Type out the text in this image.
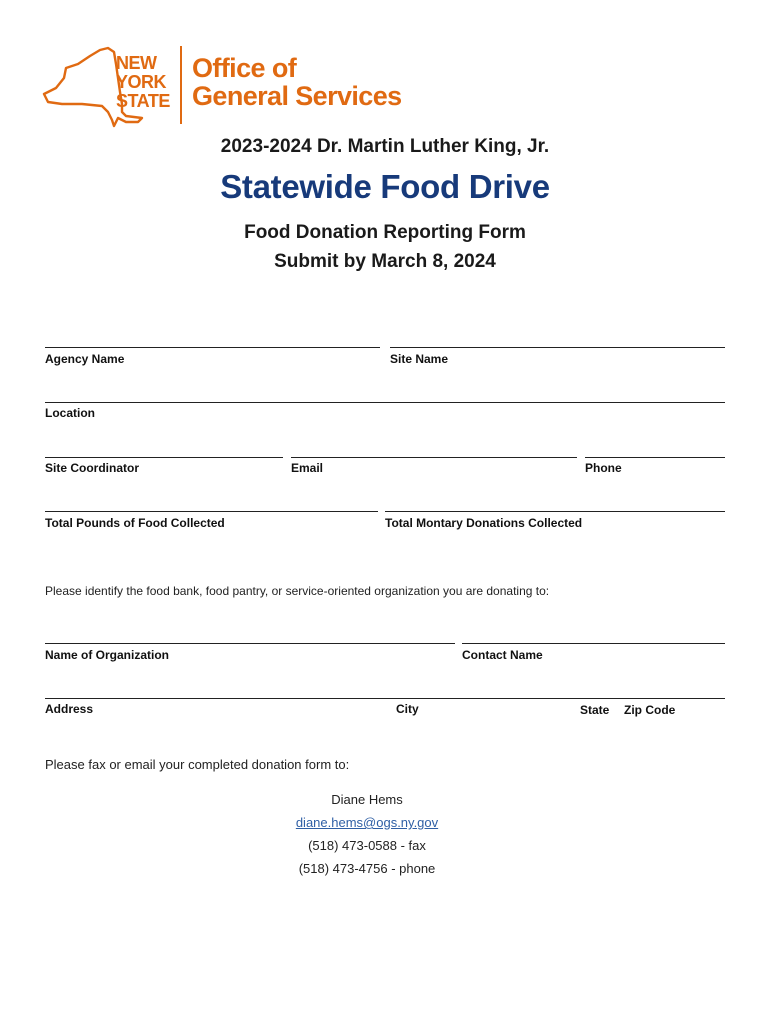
NEW
YORK
STATE
Office of
General Services
2023-2024 Dr. Martin Luther King, Jr.
Statewide Food Drive
Food Donation Reporting Form
Submit by March 8, 2024
Agency Name	Site Name
Location
Site Coordinator	Email	Phone
Total Pounds of Food Collected	Total Montary Donations Collected
Please identify the food bank, food pantry, or service-oriented organization you are donating to:
Name of Organization	Contact Name
Address	City	State Zip Code
Please fax or email your completed donation form to:
Diane Hems
diane.hems@ogs.ny.gov
(518) 473-0588 - fax
(518) 473-4756 - phone
